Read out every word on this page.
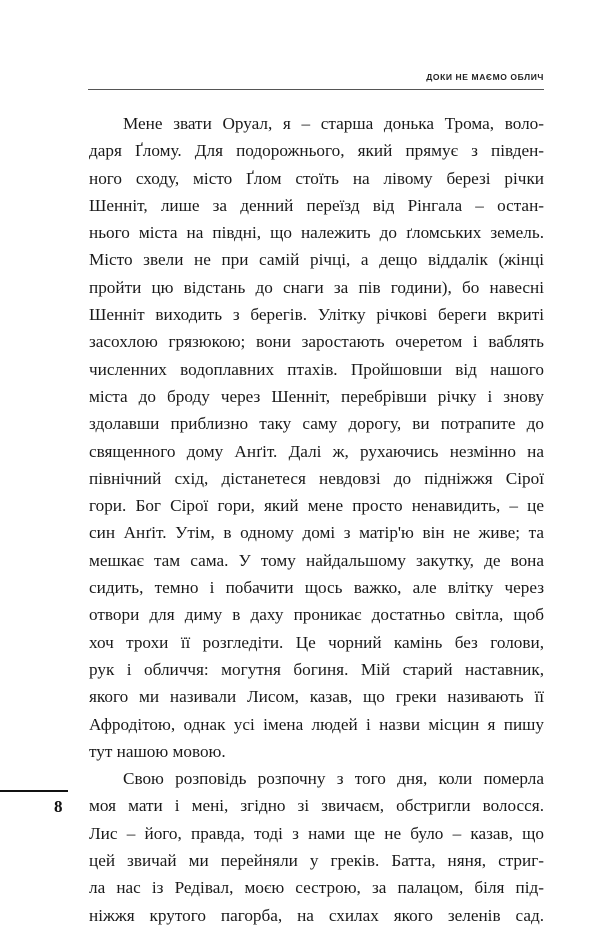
ДОКИ НЕ МАЄМО ОБЛИЧ
Мене звати Оруал, я – старша донька Трома, воло-
даря Ґлому. Для подорожнього, який прямує з півден-
ного сходу, місто Ґлом стоїть на лівому березі річки
Шенніт, лише за денний переїзд від Рінгала – остан-
нього міста на півдні, що належить до ґломських земель.
Місто звели не при самій річці, а дещо віддалік (жінці
пройти цю відстань до снаги за пів години), бо навесні
Шенніт виходить з берегів. Улітку річкові береги вкриті
засохлою грязюкою; вони заростають очеретом і ваблять
численних водоплавних птахів. Пройшовши від нашого
міста до броду через Шенніт, перебрівши річку і знову
здолавши приблизно таку саму дорогу, ви потрапите до
священного дому Анґіт. Далі ж, рухаючись незмінно на
північний схід, дістанетеся невдовзі до підніжжя Сірої
гори. Бог Сірої гори, який мене просто ненавидить, – це
син Анґіт. Утім, в одному домі з матір'ю він не живе; та
мешкає там сама. У тому найдальшому закутку, де вона
сидить, темно і побачити щось важко, але влітку через
отвори для диму в даху проникає достатньо світла, щоб
хоч трохи її розгледіти. Це чорний камінь без голови,
рук і обличчя: могутня богиня. Мій старий наставник,
якого ми називали Лисом, казав, що греки називають її
Афродітою, однак усі імена людей і назви місцин я пишу
тут нашою мовою.
Свою розповідь розпочну з того дня, коли померла
моя мати і мені, згідно зі звичаєм, обстригли волосся.
Лис – його, правда, тоді з нами ще не було – казав, що
цей звичай ми перейняли у греків. Батта, няня, стриг-
ла нас із Редівал, моєю сестрою, за палацом, біля під-
ніжжя крутого пагорба, на схилах якого зеленів сад.
8
